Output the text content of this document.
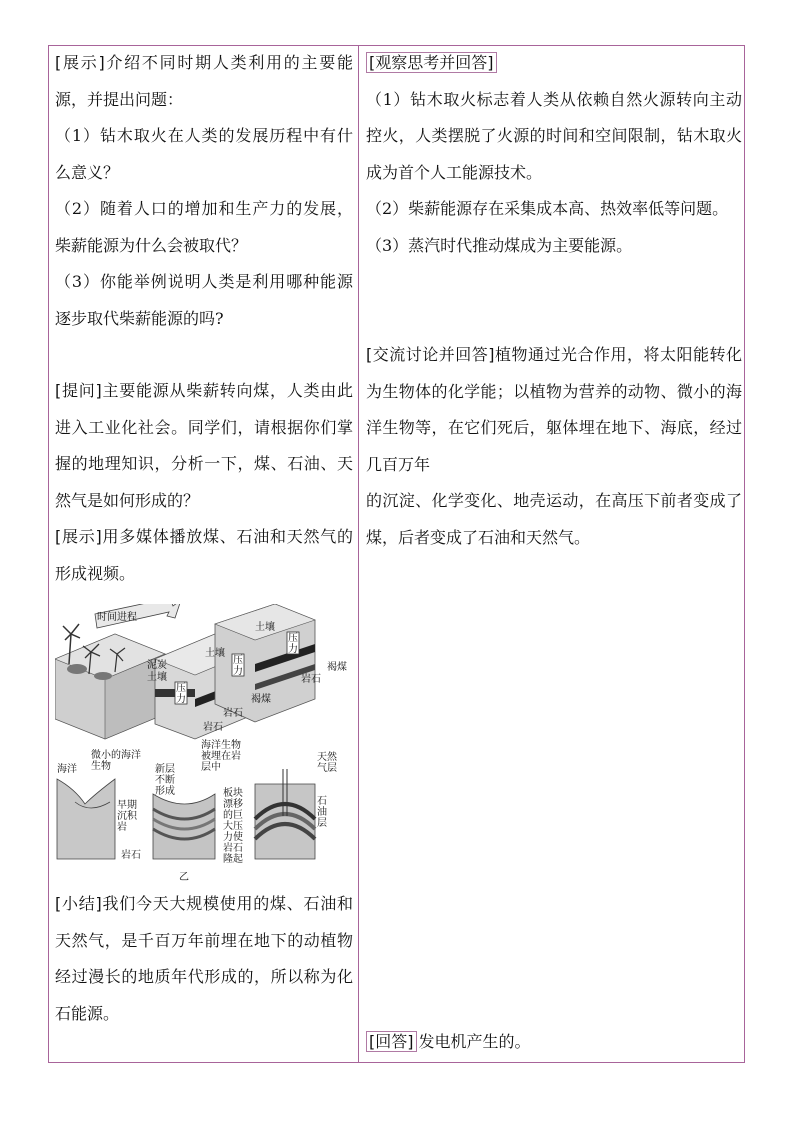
[展示]介绍不同时期人类利用的主要能源，并提出问题：

（1）钻木取火在人类的发展历程中有什么意义？

（2）随着人口的增加和生产力的发展，柴薪能源为什么会被取代？

（3）你能举例说明人类是利用哪种能源逐步取代柴薪能源的吗?

[提问]主要能源从柴薪转向煤，人类由此进入工业化社会。同学们，请根据你们掌握的地理知识，分析一下，煤、石油、天然气是如何形成的？

[展示]用多媒体播放煤、石油和天然气的形成视频。

时间进程
泥炭
土壤
土壤
土壤
压力
压力
压力
褐煤
岩石
褐煤
岩石
岩石
海洋
微小的海洋生物
早期沉积岩
岩石
新层不断形成
海洋生物被埋在岩层中
板块漂移的巨大压力使岩石隆起
天然气层
石油层
乙

[小结]我们今天大规模使用的煤、石油和天然气，是千百万年前埋在地下的动植物经过漫长的地质年代形成的，所以称为化石能源。

[观察思考并回答]

（1）钻木取火标志着人类从依赖自然火源转向主动控火，人类摆脱了火源的时间和空间限制，钻木取火成为首个人工能源技术。

（2）柴薪能源存在采集成本高、热效率低等问题。

（3）蒸汽时代推动煤成为主要能源。

[交流讨论并回答]植物通过光合作用，将太阳能转化为生物体的化学能；以植物为营养的动物、微小的海洋生物等，在它们死后，躯体埋在地下、海底，经过几百万年

的沉淀、化学变化、地壳运动，在高压下前者变成了煤，后者变成了石油和天然气。

[回答] 发电机产生的。
